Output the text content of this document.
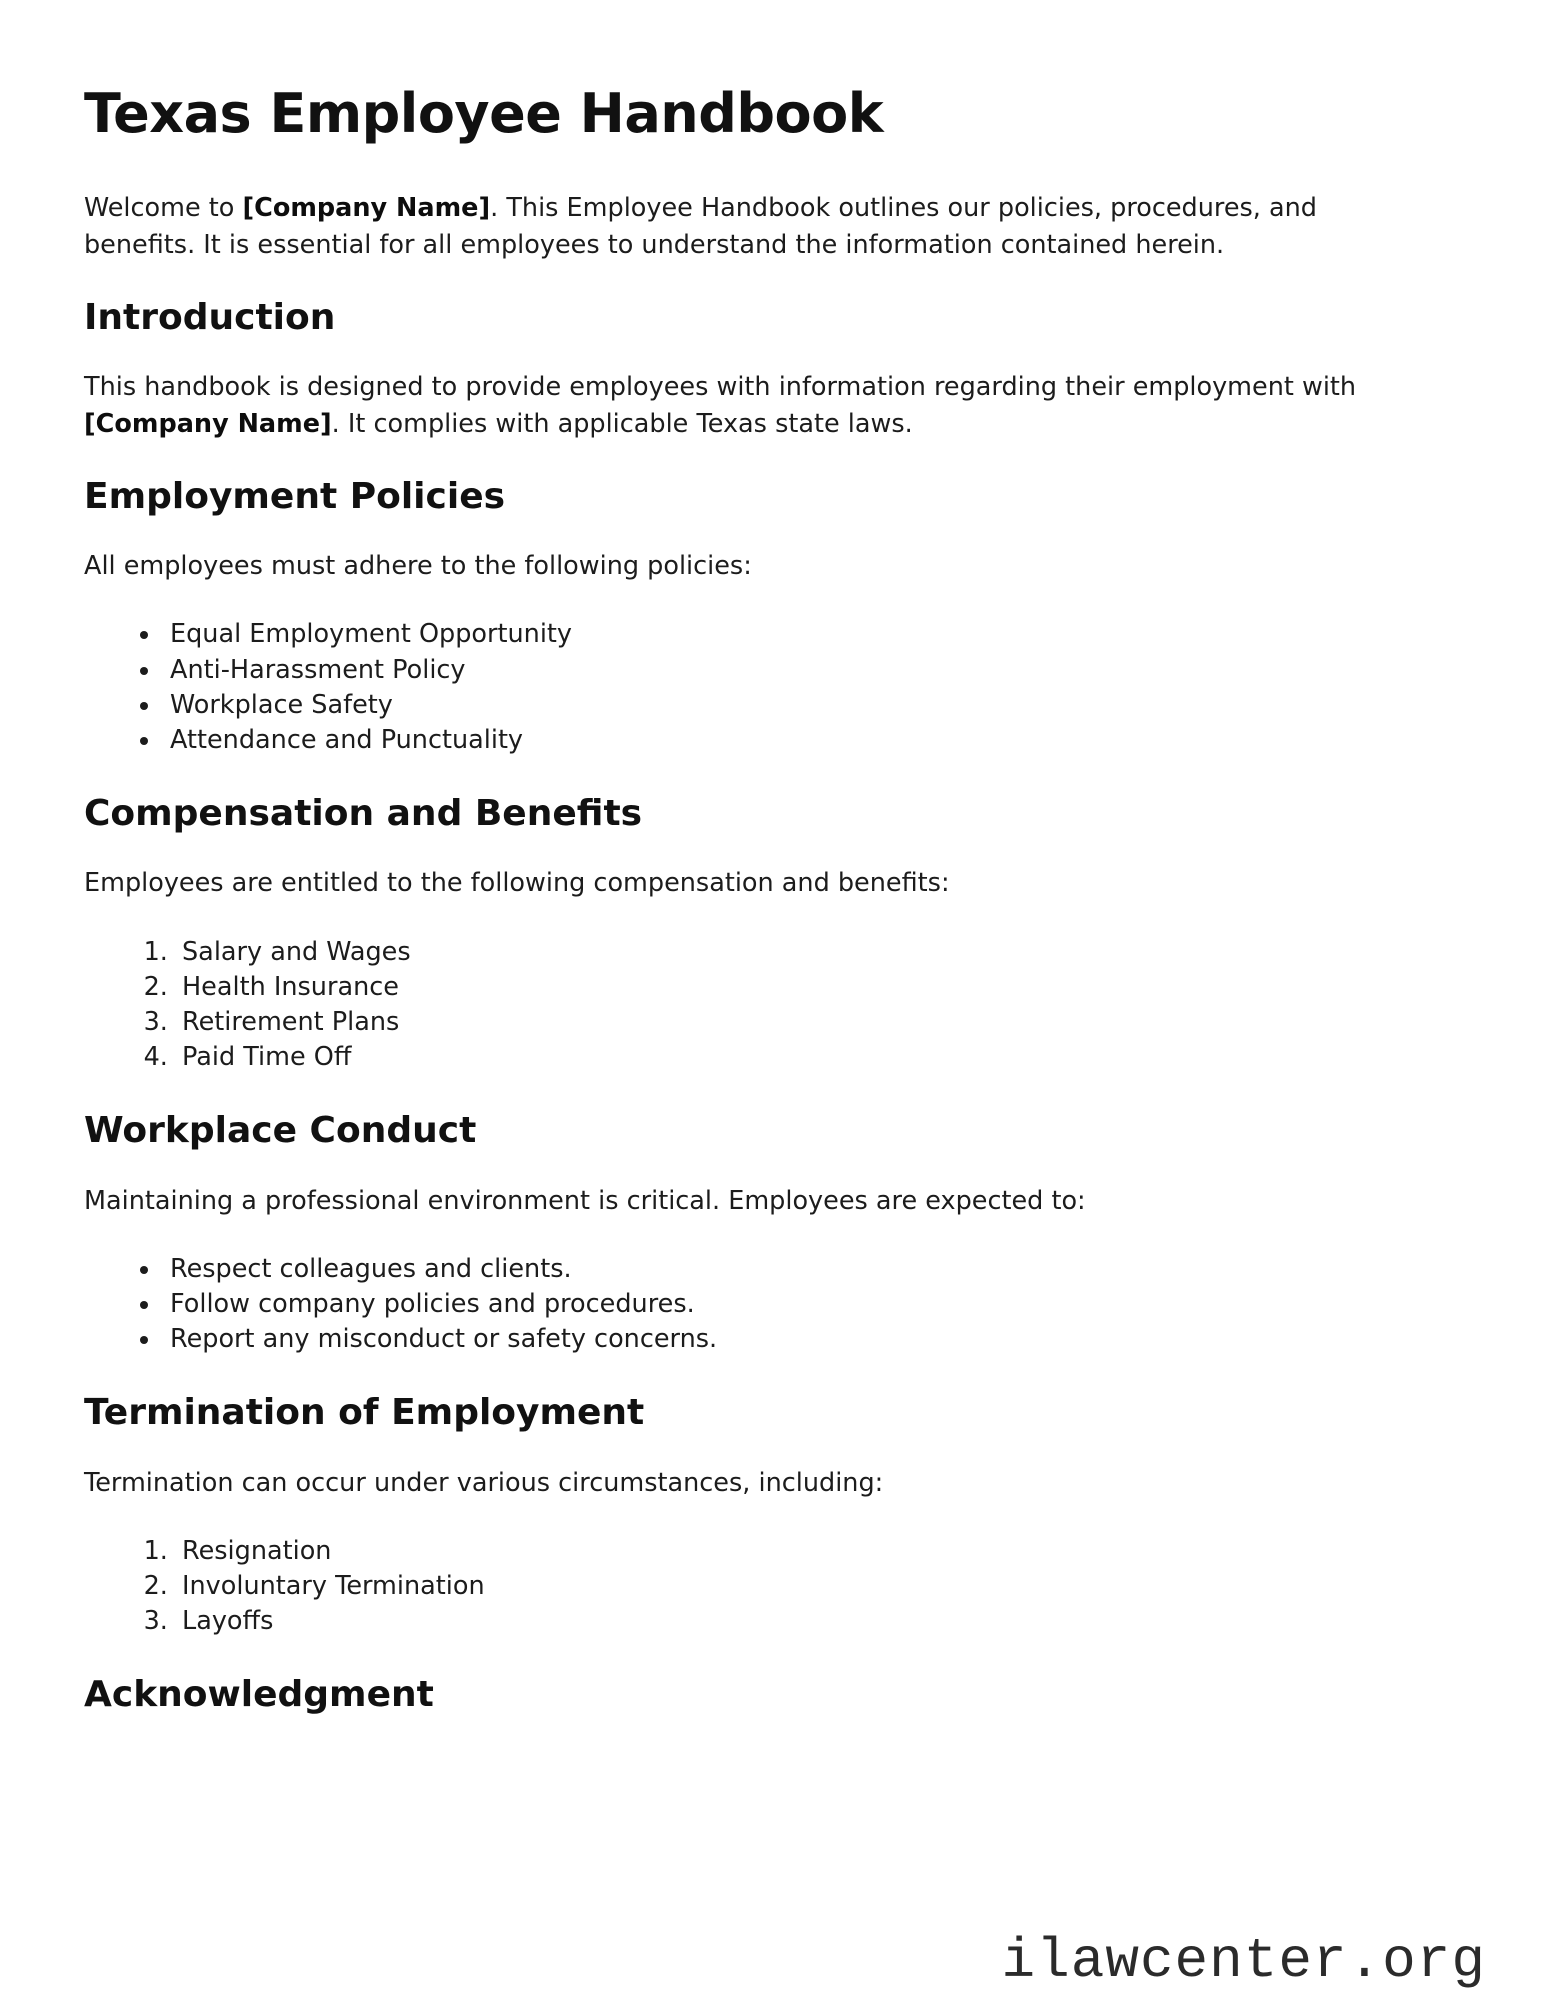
Texas Employee Handbook

Welcome to [Company Name]. This Employee Handbook outlines our policies, procedures, and benefits. It is essential for all employees to understand the information contained herein.

Introduction

This handbook is designed to provide employees with information regarding their employment with [Company Name]. It complies with applicable Texas state laws.

Employment Policies

All employees must adhere to the following policies:

• Equal Employment Opportunity
• Anti-Harassment Policy
• Workplace Safety
• Attendance and Punctuality
Compensation and Benefits

Employees are entitled to the following compensation and benefits:

1. Salary and Wages
2. Health Insurance
3. Retirement Plans
4. Paid Time Off
Workplace Conduct

Maintaining a professional environment is critical. Employees are expected to:

• Respect colleagues and clients.
• Follow company policies and procedures.
• Report any misconduct or safety concerns.
Termination of Employment

Termination can occur under various circumstances, including:

1. Resignation
2. Involuntary Termination
3. Layoffs
Acknowledgment
ilawcenter.org
